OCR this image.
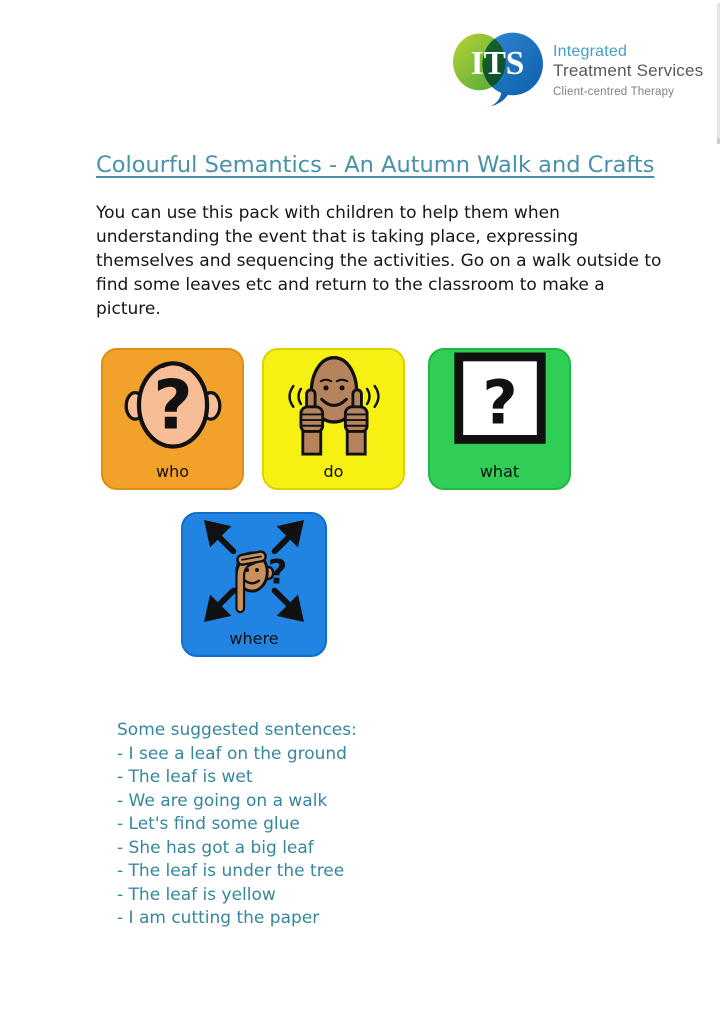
ITS Integrated
Treatment Services
Client-centred Therapy
Colourful Semantics - An Autumn Walk and Crafts
You can use this pack with children to help them when
understanding the event that is taking place, expressing
themselves and sequencing the activities. Go on a walk outside to
find some leaves etc and return to the classroom to make a
picture.
?
who	do
?
what
?
where
Some suggested sentences:
- I see a leaf on the ground
- The leaf is wet
- We are going on a walk
- Let's find some glue
- She has got a big leaf
- The leaf is under the tree
- The leaf is yellow
- I am cutting the paper
